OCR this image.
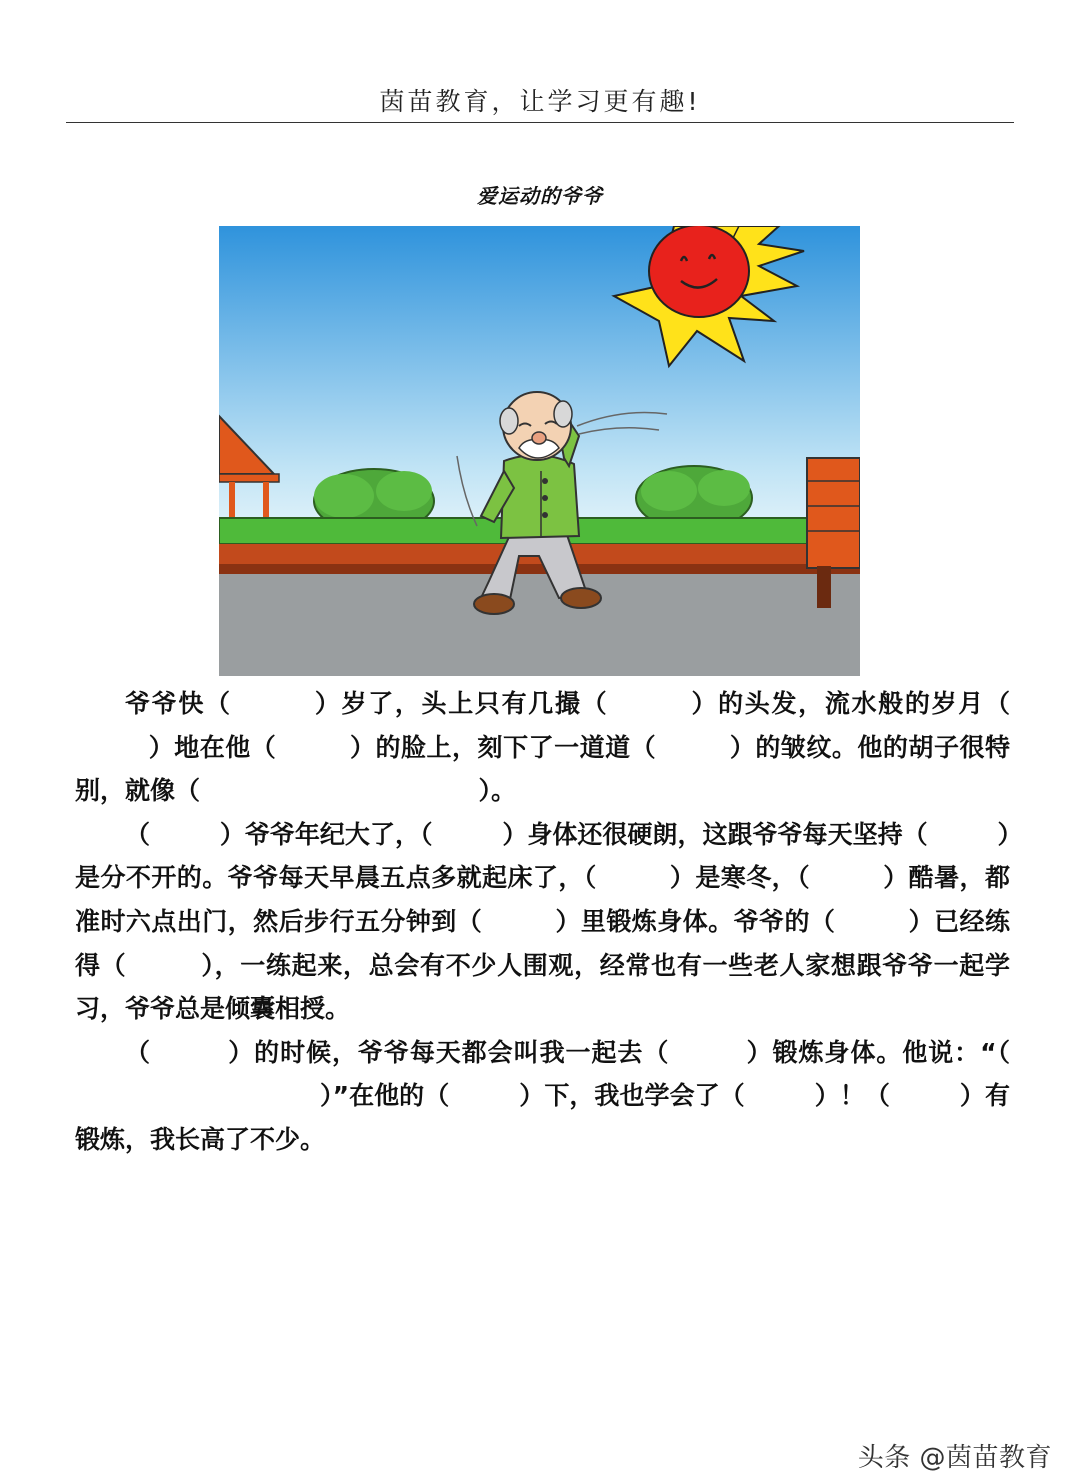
茵苗教育，让学习更有趣!
爱运动的爷爷

爷爷快（	）岁了，头上只有几撮（	）的头发，流水般的岁月（        ）地在他（	）的脸上，刻下了一道道（	）的皱纹。他的胡子很特别，就像（	）。

（	）爷爷年纪大了，（	）身体还很硬朗，这跟爷爷每天坚持（	）是分不开的。爷爷每天早晨五点多就起床了，（	）是寒冬，（	）酷暑，都准时六点出门，然后步行五分钟到（	）里锻炼身体。爷爷的（	）已经练得（	），一练起来，总会有不少人围观，经常也有一些老人家想跟爷爷一起学习，爷爷总是倾囊相授。

（	）的时候，爷爷每天都会叫我一起去（	）锻炼身体。他说：“（                            ）”在他的（	）下，我也学会了（	）！（	）有锻炼，我长高了不少。

头条 @茵苗教育
